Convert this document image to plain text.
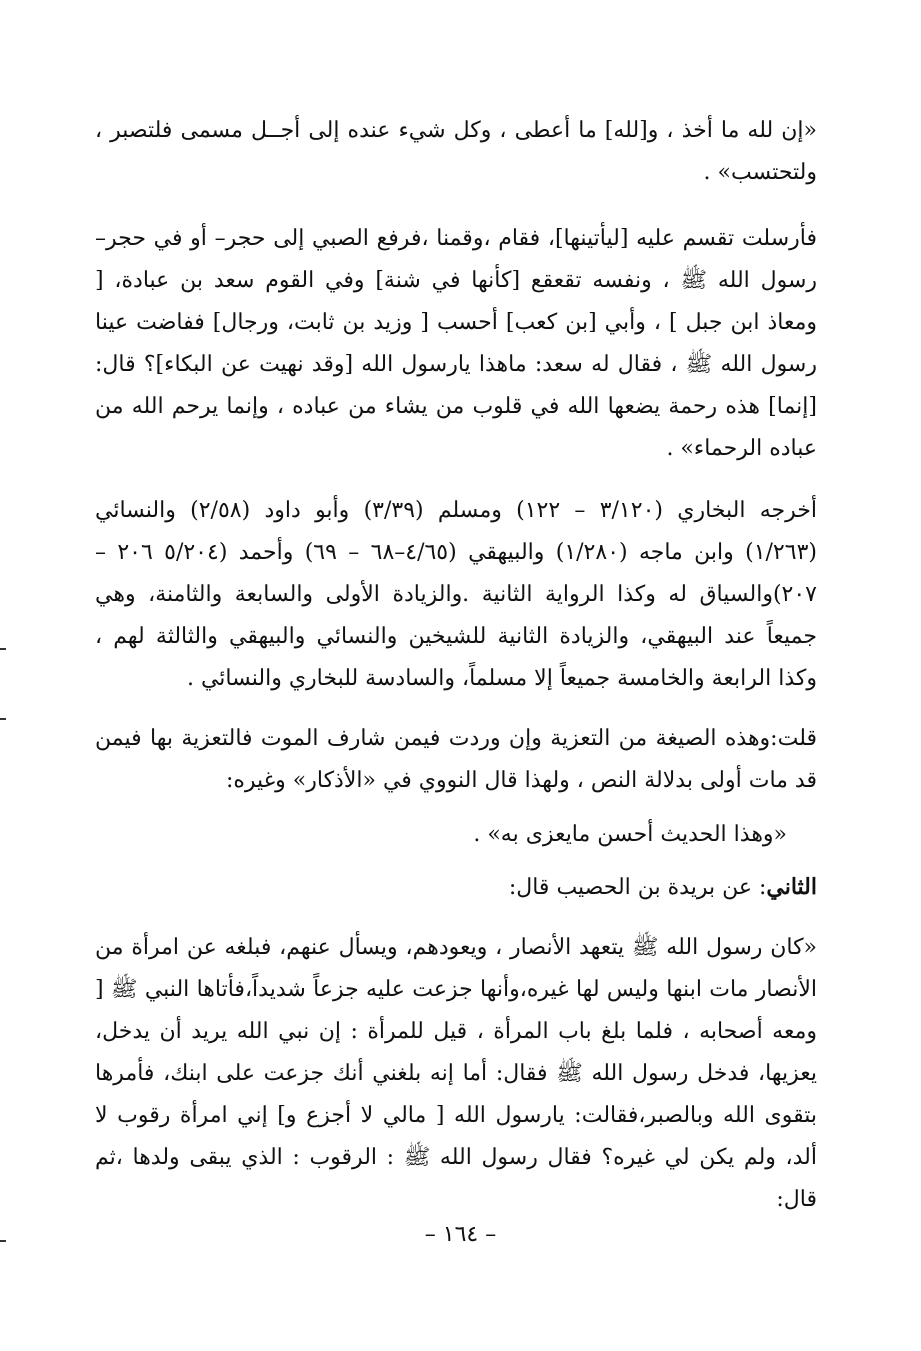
«إن لله ما أخذ ، و[لله] ما أعطى ، وكل شيء عنده إلى أجــل مسمى فلتصبر ، ولتحتسب» .

فأرسلت تقسم عليه [ليأتينها]، فقام ،وقمنا ،فرفع الصبي إلى حجر– أو في حجر– رسول الله ﷺ ، ونفسه تقعقع [كأنها في شنة] وفي القوم سعد بن عبادة، [ ومعاذ ابن جبل ] ، وأبي [بن كعب] أحسب [ وزيد بن ثابت، ورجال] ففاضت عينا رسول الله ﷺ ، فقال له سعد: ماهذا يارسول الله [وقد نهيت عن البكاء]؟ قال: [إنما] هذه رحمة يضعها الله في قلوب من يشاء من عباده ، وإنما يرحم الله من عباده الرحماء» .

أخرجه البخاري (٣/١٢٠ – ١٢٢) ومسلم (٣/٣٩) وأبو داود (٢/٥٨) والنسائي (١/٢٦٣) وابن ماجه (١/٢٨٠) والبيهقي (٤/٦٥–٦٨ – ٦٩) وأحمد (٥/٢٠٤ ٢٠٦ – ٢٠٧)والسياق له وكذا الرواية الثانية .والزيادة الأولى والسابعة والثامنة، وهي جميعاً عند البيهقي، والزيادة الثانية للشيخين والنسائي والبيهقي والثالثة لهم ، وكذا الرابعة والخامسة جميعاً إلا مسلماً، والسادسة للبخاري والنسائي .

قلت:وهذه الصيغة من التعزية وإن وردت فيمن شارف الموت فالتعزية بها فيمن قد مات أولى بدلالة النص ، ولهذا قال النووي في «الأذكار» وغيره:

«وهذا الحديث أحسن مايعزى به» .

الثاني: عن بريدة بن الحصيب قال:

«كان رسول الله ﷺ يتعهد الأنصار ، ويعودهم، ويسأل عنهم، فبلغه عن امرأة من الأنصار مات ابنها وليس لها غيره،وأنها جزعت عليه جزعاً شديداً،فأتاها النبي ﷺ [ ومعه أصحابه ، فلما بلغ باب المرأة ، قيل للمرأة : إن نبي الله يريد أن يدخل، يعزيها، فدخل رسول الله ﷺ فقال: أما إنه بلغني أنك جزعت على ابنك، فأمرها بتقوى الله وبالصبر،فقالت: يارسول الله [ مالي لا أجزع و] إني امرأة رقوب لا ألد، ولم يكن لي غيره؟ فقال رسول الله ﷺ : الرقوب : الذي يبقى ولدها ،ثم قال:

– ١٦٤ –
